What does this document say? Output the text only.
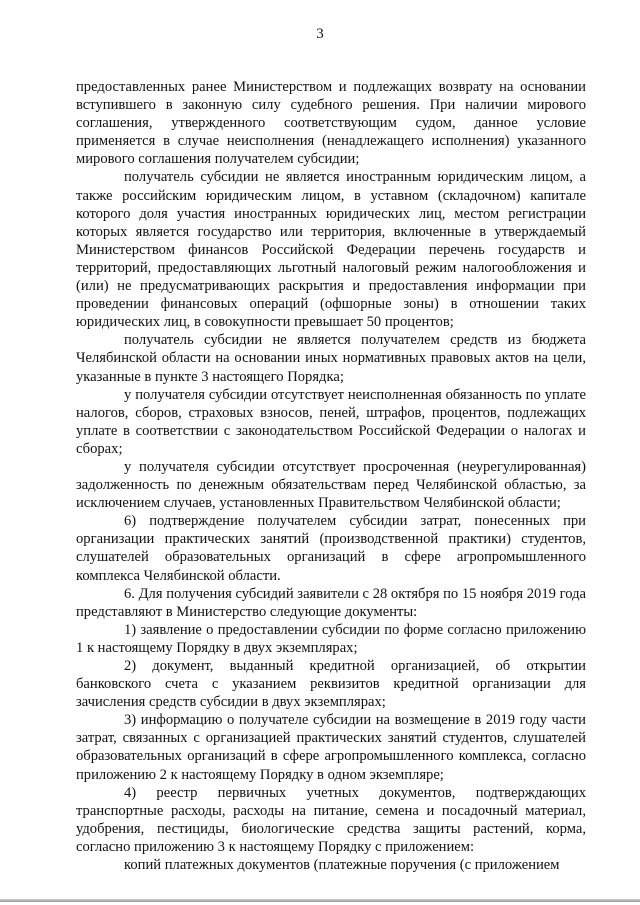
3

предоставленных ранее Министерством и подлежащих возврату на основании вступившего в законную силу судебного решения. При наличии мирового соглашения, утвержденного соответствующим судом, данное условие применяется в случае неисполнения (ненадлежащего исполнения) указанного мирового соглашения получателем субсидии;

получатель субсидии не является иностранным юридическим лицом, а также российским юридическим лицом, в уставном (складочном) капитале которого доля участия иностранных юридических лиц, местом регистрации которых является государство или территория, включенные в утверждаемый Министерством финансов Российской Федерации перечень государств и территорий, предоставляющих льготный налоговый режим налогообложения и (или) не предусматривающих раскрытия и предоставления информации при проведении финансовых операций (офшорные зоны) в отношении таких юридических лиц, в совокупности превышает 50 процентов;

получатель субсидии не является получателем средств из бюджета Челябинской области на основании иных нормативных правовых актов на цели, указанные в пункте 3 настоящего Порядка;

у получателя субсидии отсутствует неисполненная обязанность по уплате налогов, сборов, страховых взносов, пеней, штрафов, процентов, подлежащих уплате в соответствии с законодательством Российской Федерации о налогах и сборах;

у получателя субсидии отсутствует просроченная (неурегулированная) задолженность по денежным обязательствам перед Челябинской областью, за исключением случаев, установленных Правительством Челябинской области;

6) подтверждение получателем субсидии затрат, понесенных при организации практических занятий (производственной практики) студентов, слушателей образовательных организаций в сфере агропромышленного комплекса Челябинской области.

6. Для получения субсидий заявители с 28 октября по 15 ноября 2019 года представляют в Министерство следующие документы:

1) заявление о предоставлении субсидии по форме согласно приложению 1 к настоящему Порядку в двух экземплярах;

2) документ, выданный кредитной организацией, об открытии банковского счета с указанием реквизитов кредитной организации для зачисления средств субсидии в двух экземплярах;

3) информацию о получателе субсидии на возмещение в 2019 году части затрат, связанных с организацией практических занятий студентов, слушателей образовательных организаций в сфере агропромышленного комплекса, согласно приложению 2 к настоящему Порядку в одном экземпляре;

4) реестр первичных учетных документов, подтверждающих транспортные расходы, расходы на питание, семена и посадочный материал, удобрения, пестициды, биологические средства защиты растений, корма, согласно приложению 3 к настоящему Порядку с приложением:

копий платежных документов (платежные поручения (с приложением
